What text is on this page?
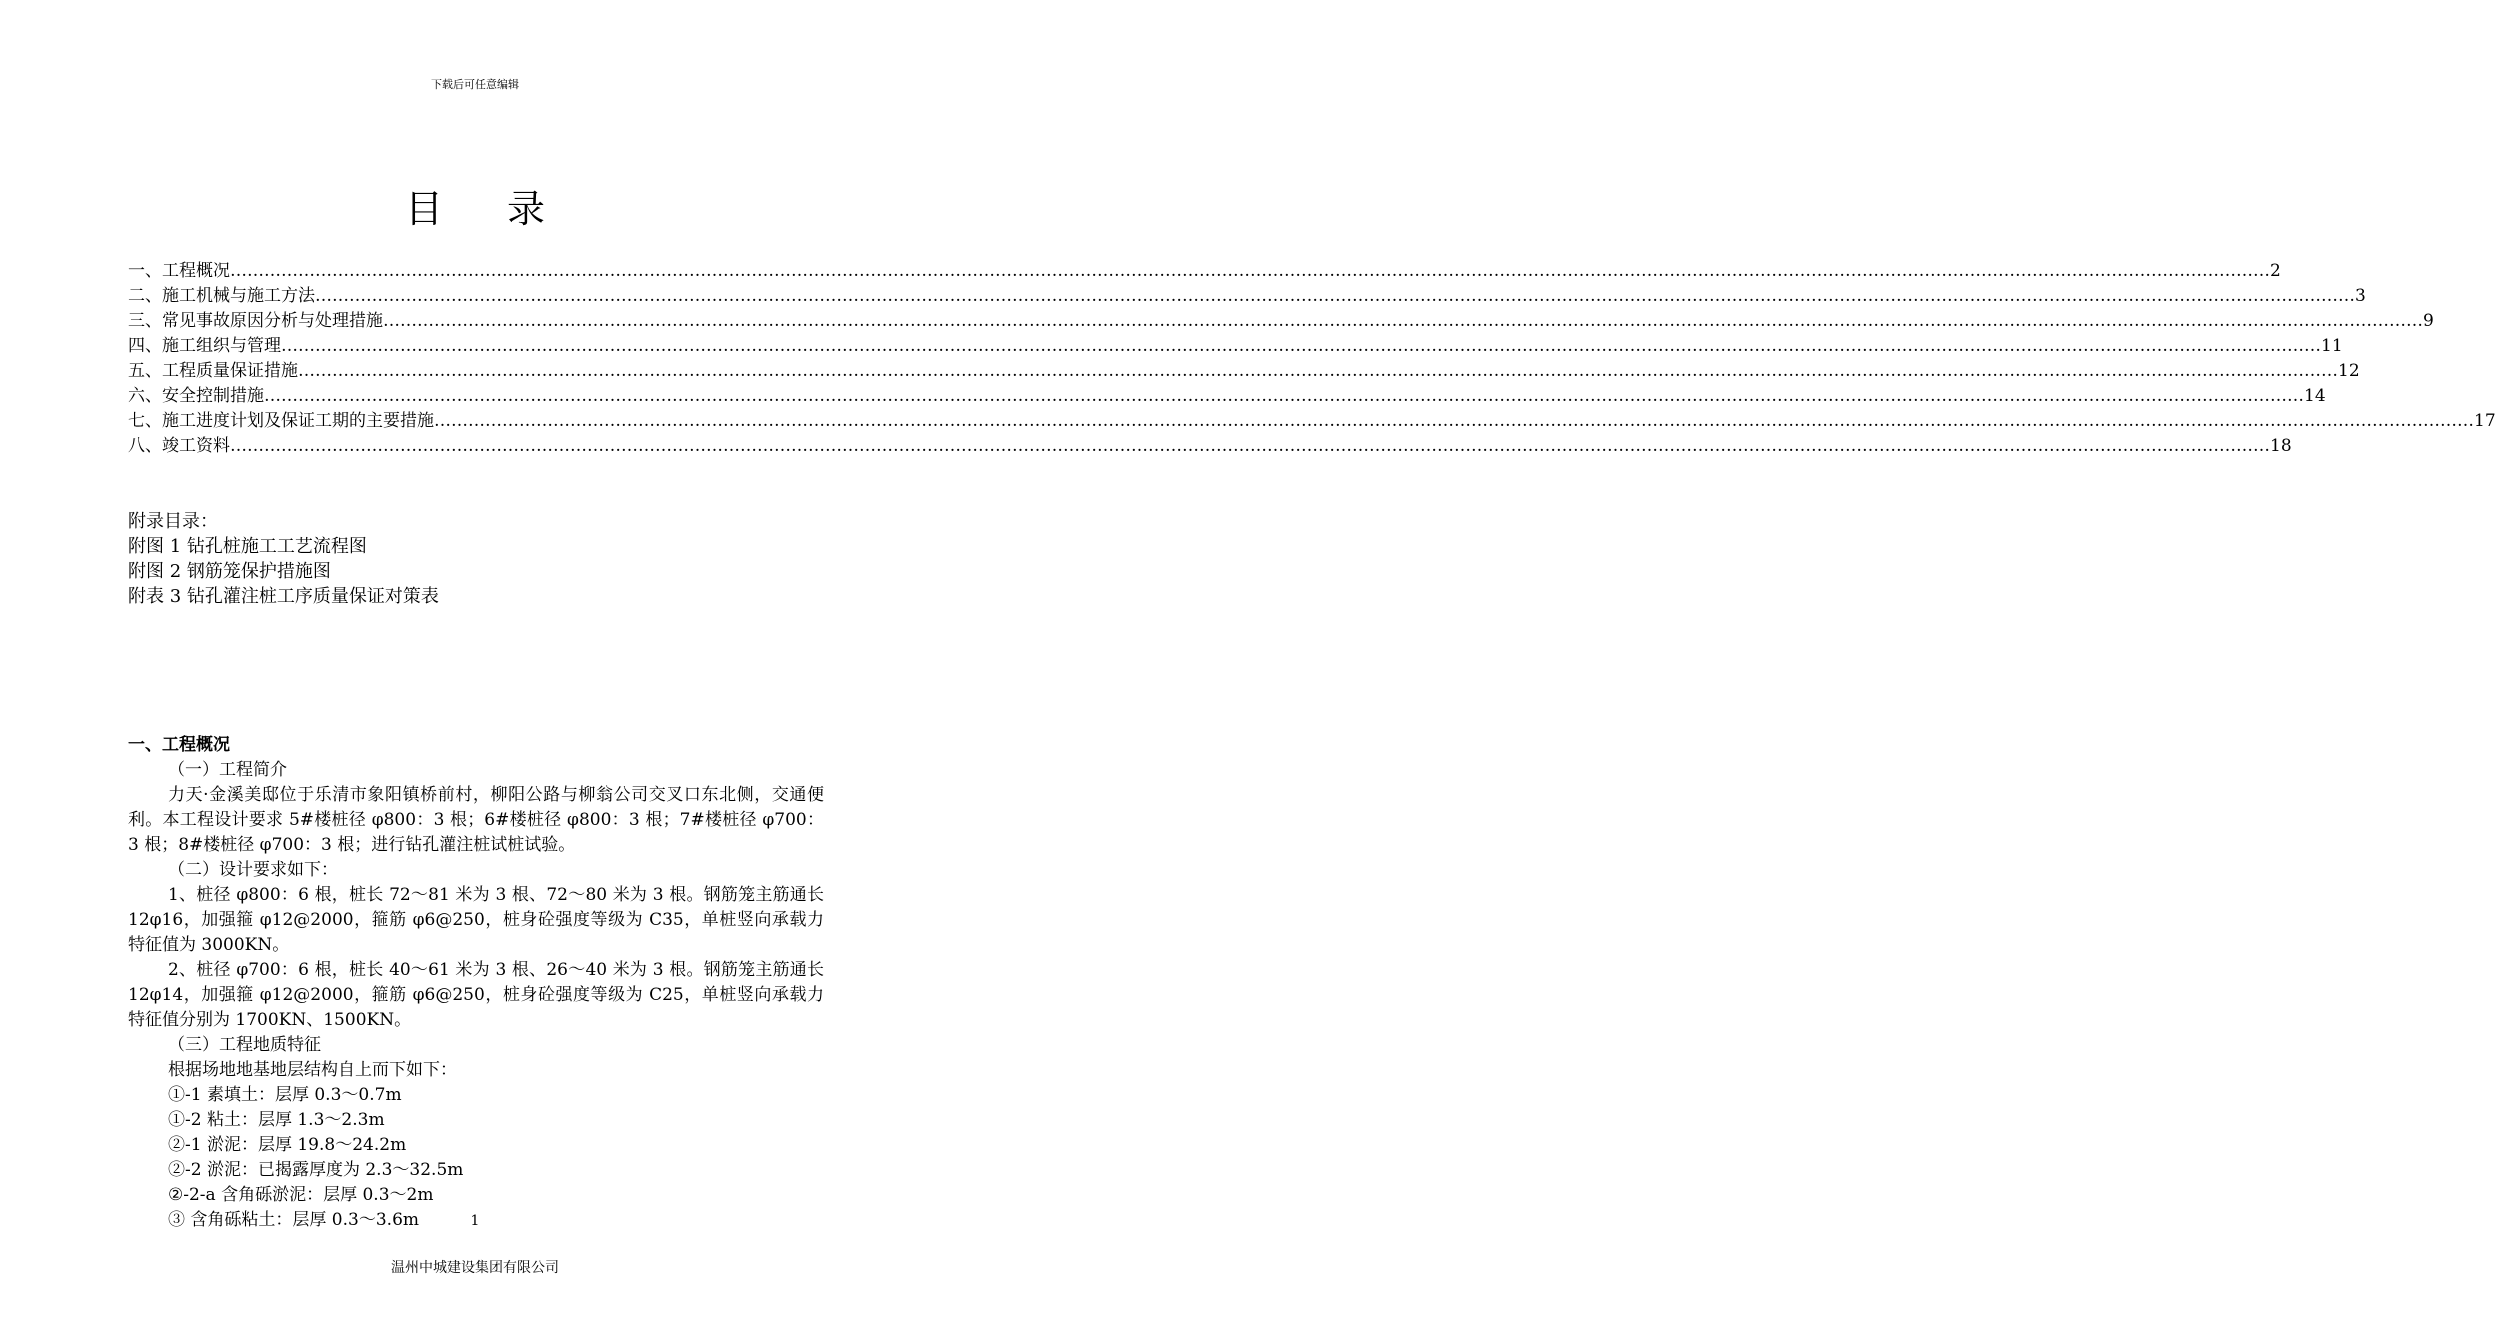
下载后可任意编辑
目 录
一、工程概况 ……………………………………………………………………………………………………………………………………………………………………………………………………………………………………………………………………………………………………………………………… 2
二、施工机械与施工方法 ……………………………………………………………………………………………………………………………………………………………………………………………………………………………………………………………………………………………………………………………… 3
三、常见事故原因分析与处理措施 ……………………………………………………………………………………………………………………………………………………………………………………………………………………………………………………………………………………………………………………………… 9
四、施工组织与管理 ……………………………………………………………………………………………………………………………………………………………………………………………………………………………………………………………………………………………………………………………… 11
五、工程质量保证措施 ……………………………………………………………………………………………………………………………………………………………………………………………………………………………………………………………………………………………………………………………… 12
六、安全控制措施 ……………………………………………………………………………………………………………………………………………………………………………………………………………………………………………………………………………………………………………………………… 14
七、施工进度计划及保证工期的主要措施 ……………………………………………………………………………………………………………………………………………………………………………………………………………………………………………………………………………………………………………………………… 17
八、竣工资料 ……………………………………………………………………………………………………………………………………………………………………………………………………………………………………………………………………………………………………………………………… 18
附录目录：
附图 1 钻孔桩施工工艺流程图
附图 2 钢筋笼保护措施图
附表 3 钻孔灌注桩工序质量保证对策表
一、工程概况
（一）工程简介
力天·金溪美邸位于乐清市象阳镇桥前村，柳阳公路与柳翁公司交叉口东北侧，交通便利。本工程设计要求 5#楼桩径 φ800：3 根；6#楼桩径 φ800：3 根；7#楼桩径 φ700：3 根；8#楼桩径 φ700：3 根；进行钻孔灌注桩试桩试验。
（二）设计要求如下：
1、桩径 φ800：6 根，桩长 72～81 米为 3 根、72～80 米为 3 根。钢筋笼主筋通长 12φ16，加强箍 φ12@2000，箍筋 φ6@250，桩身砼强度等级为 C35，单桩竖向承载力特征值为 3000KN。
2、桩径 φ700：6 根，桩长 40～61 米为 3 根、26～40 米为 3 根。钢筋笼主筋通长 12φ14，加强箍 φ12@2000，箍筋 φ6@250，桩身砼强度等级为 C25，单桩竖向承载力特征值分别为 1700KN、1500KN。
（三）工程地质特征
根据场地地基地层结构自上而下如下：
①-1 素填土：层厚 0.3～0.7m
①-2 粘土：层厚 1.3～2.3m
②-1 淤泥：层厚 19.8～24.2m
②-2 淤泥：已揭露厚度为 2.3～32.5m
②-2-a 含角砾淤泥：层厚 0.3～2m
③ 含角砾粘土：层厚 0.3～3.6m	1
温州中城建设集团有限公司
